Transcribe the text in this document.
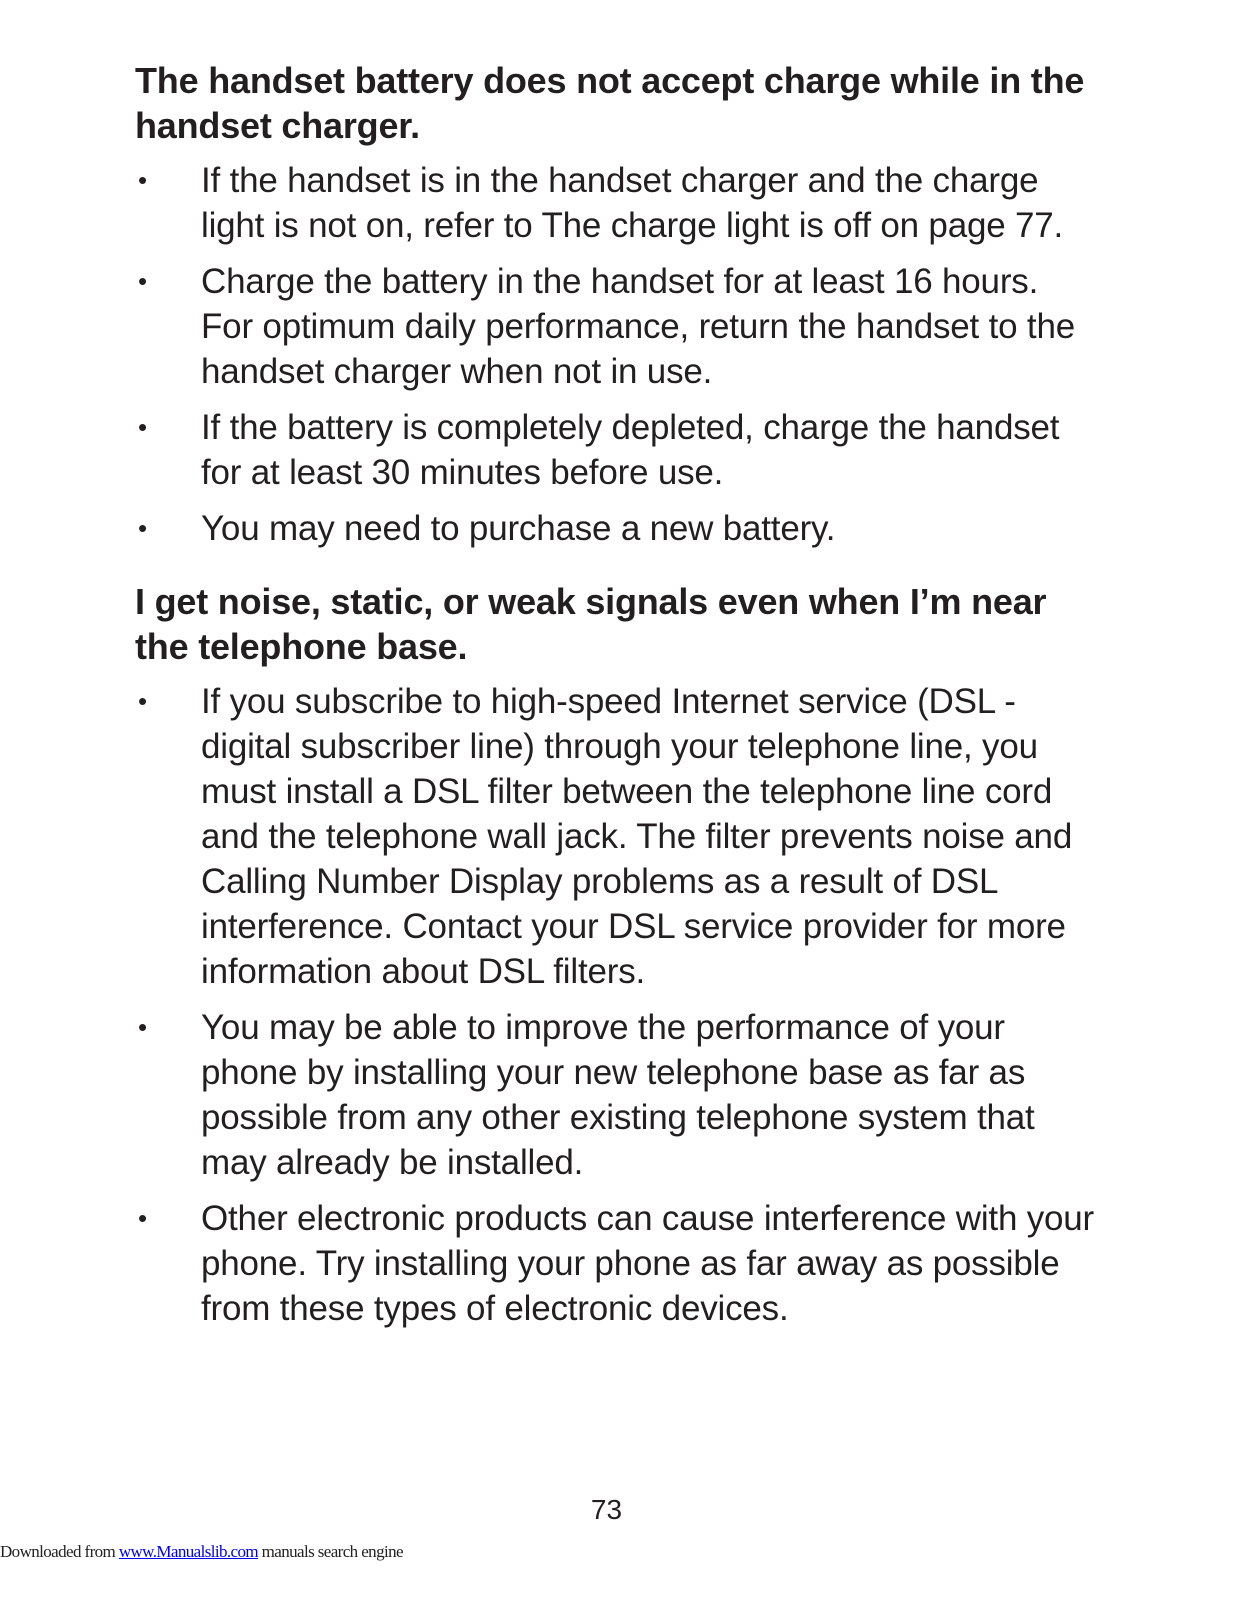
The handset battery does not accept charge while in the handset charger.
• If the handset is in the handset charger and the charge light is not on, refer to The charge light is off on page 77.
• Charge the battery in the handset for at least 16 hours. For optimum daily performance, return the handset to the handset charger when not in use.
• If the battery is completely depleted, charge the handset for at least 30 minutes before use.
• You may need to purchase a new battery.
I get noise, static, or weak signals even when I’m near the telephone base.
• If you subscribe to high-speed Internet service (DSL - digital subscriber line) through your telephone line, you must install a DSL filter between the telephone line cord and the telephone wall jack. The filter prevents noise and Calling Number Display problems as a result of DSL interference. Contact your DSL service provider for more information about DSL filters.
• You may be able to improve the performance of your phone by installing your new telephone base as far as possible from any other existing telephone system that may already be installed.
• Other electronic products can cause interference with your phone. Try installing your phone as far away as possible from these types of electronic devices.
73
Downloaded from www.Manualslib.com manuals search engine
